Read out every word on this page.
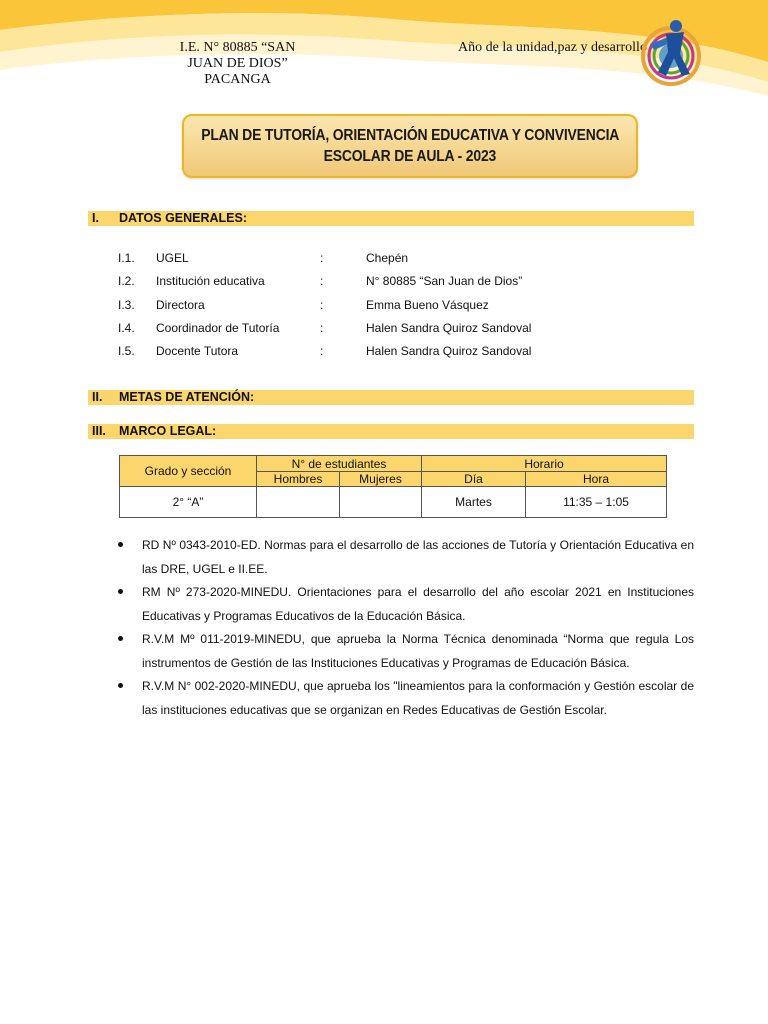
I.E. N° 80885 “SAN
JUAN DE DIOS”
PACANGA
Año de la unidad,paz y desarrollo
PLAN DE TUTORÍA, ORIENTACIÓN EDUCATIVA Y CONVIVENCIA
ESCOLAR DE AULA - 2023
I. DATOS GENERALES:
I.1. UGEL	:	Chepén
I.2. Institución educativa	:	N° 80885 “San Juan de Dios”
I.3. Directora	:	Emma Bueno Vásquez
I.4. Coordinador de Tutoría	:	Halen Sandra Quiroz Sandoval
I.5. Docente Tutora	:	Halen Sandra Quiroz Sandoval
II. METAS DE ATENCIÓN:
III. MARCO LEGAL:
Grado y sección	N° de estudiantes		Horario	
	Hombres	Mujeres	Día	Hora
2° “A”			Martes	11:35 – 1:05
RD Nº 0343-2010-ED. Normas para el desarrollo de las acciones de Tutoría y Orientación Educativa en las DRE, UGEL e II.EE.
RM Nº 273-2020-MINEDU. Orientaciones para el desarrollo del año escolar 2021 en Instituciones Educativas y Programas Educativos de la Educación Básica.
R.V.M Mº 011-2019-MINEDU, que aprueba la Norma Técnica denominada “Norma que regula Los instrumentos de Gestión de las Instituciones Educativas y Programas de Educación Básica.
R.V.M N° 002-2020-MINEDU, que aprueba los "lineamientos para la conformación y Gestión escolar de las instituciones educativas que se organizan en Redes Educativas de Gestión Escolar.
